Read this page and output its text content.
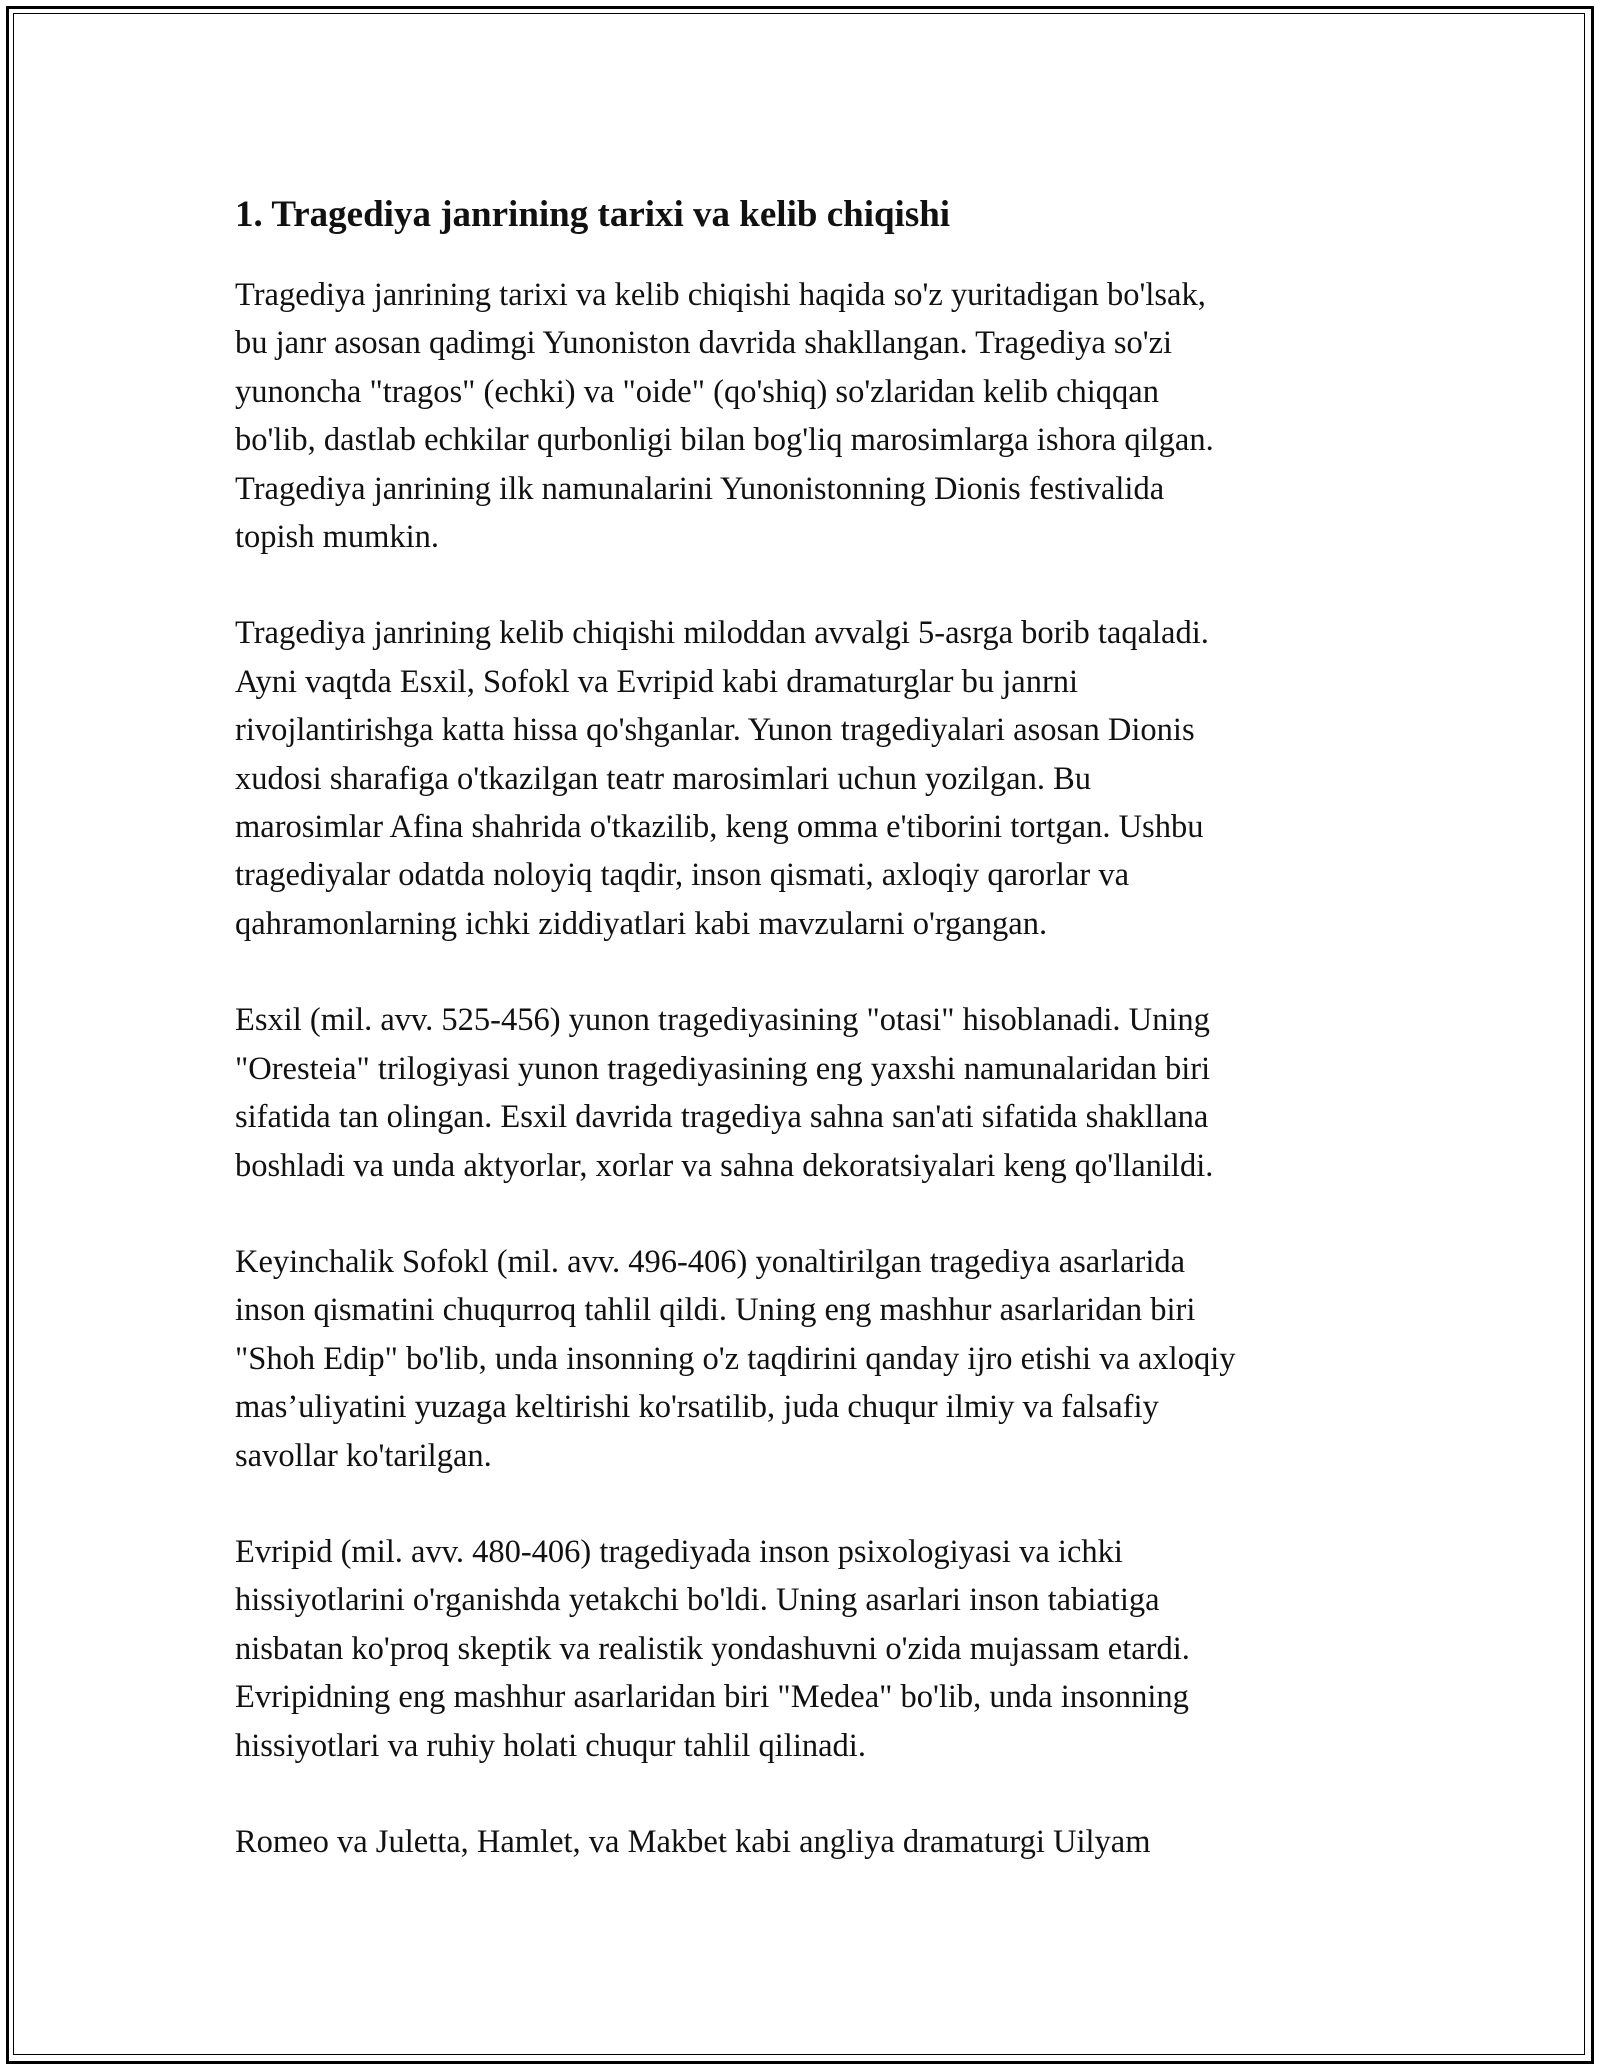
1. Tragediya janrining tarixi va kelib chiqishi

Tragediya janrining tarixi va kelib chiqishi haqida so'z yuritadigan bo'lsak,
bu janr asosan qadimgi Yunoniston davrida shakllangan. Tragediya so'zi
yunoncha "tragos" (echki) va "oide" (qo'shiq) so'zlaridan kelib chiqqan
bo'lib, dastlab echkilar qurbonligi bilan bog'liq marosimlarga ishora qilgan.
Tragediya janrining ilk namunalarini Yunonistonning Dionis festivalida
topish mumkin.

Tragediya janrining kelib chiqishi miloddan avvalgi 5-asrga borib taqaladi.
Ayni vaqtda Esxil, Sofokl va Evripid kabi dramaturglar bu janrni
rivojlantirishga katta hissa qo'shganlar. Yunon tragediyalari asosan Dionis
xudosi sharafiga o'tkazilgan teatr marosimlari uchun yozilgan. Bu
marosimlar Afina shahrida o'tkazilib, keng omma e'tiborini tortgan. Ushbu
tragediyalar odatda noloyiq taqdir, inson qismati, axloqiy qarorlar va
qahramonlarning ichki ziddiyatlari kabi mavzularni o'rgangan.

Esxil (mil. avv. 525-456) yunon tragediyasining "otasi" hisoblanadi. Uning
"Oresteia" trilogiyasi yunon tragediyasining eng yaxshi namunalaridan biri
sifatida tan olingan. Esxil davrida tragediya sahna san'ati sifatida shakllana
boshladi va unda aktyorlar, xorlar va sahna dekoratsiyalari keng qo'llanildi.

Keyinchalik Sofokl (mil. avv. 496-406) yonaltirilgan tragediya asarlarida
inson qismatini chuqurroq tahlil qildi. Uning eng mashhur asarlaridan biri
"Shoh Edip" bo'lib, unda insonning o'z taqdirini qanday ijro etishi va axloqiy
mas’uliyatini yuzaga keltirishi ko'rsatilib, juda chuqur ilmiy va falsafiy
savollar ko'tarilgan.

Evripid (mil. avv. 480-406) tragediyada inson psixologiyasi va ichki
hissiyotlarini o'rganishda yetakchi bo'ldi. Uning asarlari inson tabiatiga
nisbatan ko'proq skeptik va realistik yondashuvni o'zida mujassam etardi.
Evripidning eng mashhur asarlaridan biri "Medea" bo'lib, unda insonning
hissiyotlari va ruhiy holati chuqur tahlil qilinadi.

Romeo va Juletta, Hamlet, va Makbet kabi angliya dramaturgi Uilyam
